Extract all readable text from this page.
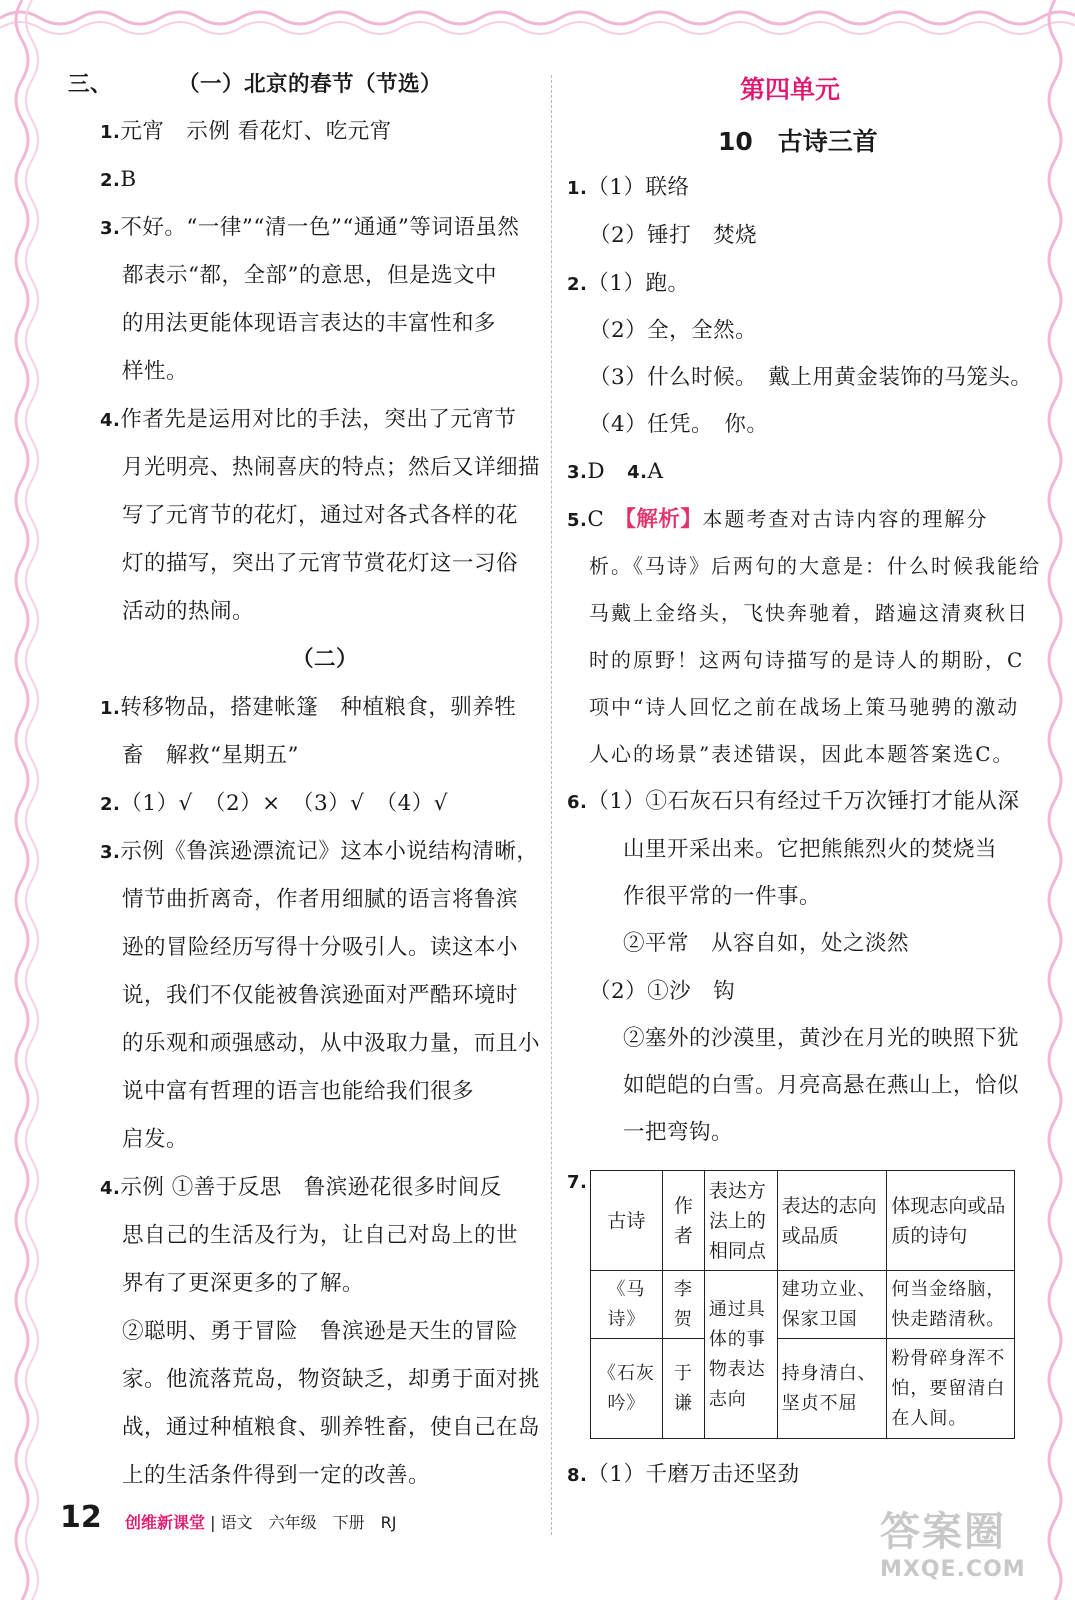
三、	（一）北京的春节（节选）
1.元宵　示例 看花灯、吃元宵
2.B
3.不好。“一律”“清一色”“通通”等词语虽然
都表示“都，全部”的意思，但是选文中
的用法更能体现语言表达的丰富性和多
样性。
4.作者先是运用对比的手法，突出了元宵节
月光明亮、热闹喜庆的特点；然后又详细描
写了元宵节的花灯，通过对各式各样的花
灯的描写，突出了元宵节赏花灯这一习俗
活动的热闹。
（二）
1.转移物品，搭建帐篷　种植粮食，驯养牲
畜　解救“星期五”
2.（1）√　（2）×　（3）√　（4）√
3.示例《鲁滨逊漂流记》这本小说结构清晰，
情节曲折离奇，作者用细腻的语言将鲁滨
逊的冒险经历写得十分吸引人。读这本小
说，我们不仅能被鲁滨逊面对严酷环境时
的乐观和顽强感动，从中汲取力量，而且小
说中富有哲理的语言也能给我们很多
启发。
4.示例 ①善于反思　鲁滨逊花很多时间反
思自己的生活及行为，让自己对岛上的世
界有了更深更多的了解。
②聪明、勇于冒险　鲁滨逊是天生的冒险
家。他流落荒岛，物资缺乏，却勇于面对挑
战，通过种植粮食、驯养牲畜，使自己在岛
上的生活条件得到一定的改善。
第四单元
10　古诗三首
1.（1）联络
（2）锤打　焚烧
2.（1）跑。
（2）全，全然。
（3）什么时候。　戴上用黄金装饰的马笼头。
（4）任凭。　你。
3.D 4.A
5.C 【解析】本题考查对古诗内容的理解分
析。《马诗》后两句的大意是：什么时候我能给
马戴上金络头，飞快奔驰着，踏遍这清爽秋日
时的原野！这两句诗描写的是诗人的期盼，C
项中“诗人回忆之前在战场上策马驰骋的激动
人心的场景”表述错误，因此本题答案选C。
6.（1）①石灰石只有经过千万次锤打才能从深
山里开采出来。它把熊熊烈火的焚烧当
作很平常的一件事。
②平常　从容自如，处之淡然
（2）①沙　钩
②塞外的沙漠里，黄沙在月光的映照下犹
如皑皑的白雪。月亮高悬在燕山上，恰似
一把弯钩。
7.
古诗	作者	表达方法上的相同点	表达的志向或品质	体现志向或品质的诗句
《马诗》	李贺	通过具体的事物表达志向	建功立业、保家卫国	何当金络脑，快走踏清秋。
《石灰吟》	于谦		持身清白、坚贞不屈	粉骨碎身浑不怕，要留清白在人间。
8.（1）千磨万击还坚劲
12 创维新课堂 | 语文　六年级　下册　RJ	答案圈
MXQE.COM
